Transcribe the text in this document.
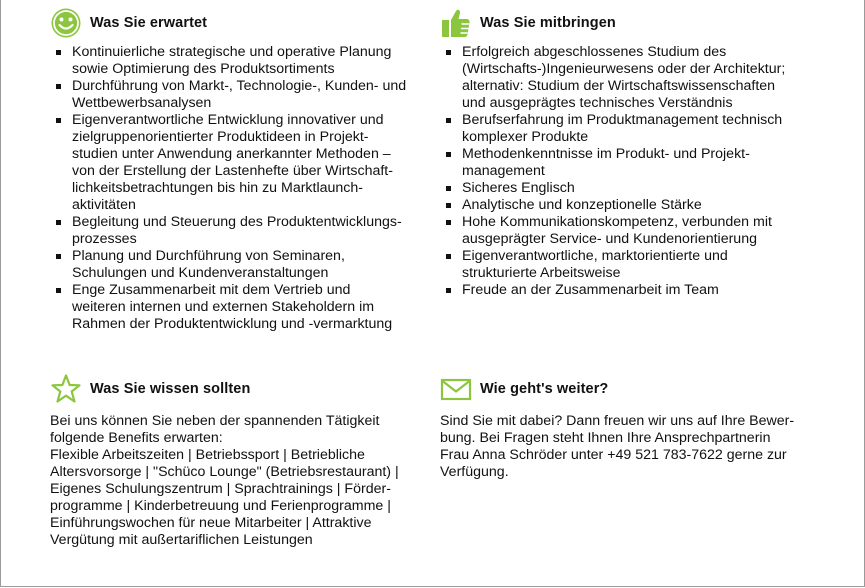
Was Sie erwartet
Kontinuierliche strategische und operative Planung
sowie Optimierung des Produktsortiments
Durchführung von Markt-, Technologie-, Kunden- und
Wettbewerbsanalysen
Eigenverantwortliche Entwicklung innovativer und
zielgruppenorientierter Produktideen in Projekt-
studien unter Anwendung anerkannter Methoden –
von der Erstellung der Lastenhefte über Wirtschaft-
lichkeitsbetrachtungen bis hin zu Marktlaunch-
aktivitäten
Begleitung und Steuerung des Produktentwicklungs-
prozesses
Planung und Durchführung von Seminaren,
Schulungen und Kundenveranstaltungen
Enge Zusammenarbeit mit dem Vertrieb und
weiteren internen und externen Stakeholdern im
Rahmen der Produktentwicklung und -vermarktung
Was Sie mitbringen
Erfolgreich abgeschlossenes Studium des
(Wirtschafts-)Ingenieurwesens oder der Architektur;
alternativ: Studium der Wirtschaftswissenschaften
und ausgeprägtes technisches Verständnis
Berufserfahrung im Produktmanagement technisch
komplexer Produkte
Methodenkenntnisse im Produkt- und Projekt-
management
Sicheres Englisch
Analytische und konzeptionelle Stärke
Hohe Kommunikationskompetenz, verbunden mit
ausgeprägter Service- und Kundenorientierung
Eigenverantwortliche, marktorientierte und
strukturierte Arbeitsweise
Freude an der Zusammenarbeit im Team
Was Sie wissen sollten

Bei uns können Sie neben der spannenden Tätigkeit
folgende Benefits erwarten:
Flexible Arbeitszeiten | Betriebssport | Betriebliche
Altersvorsorge | "Schüco Lounge" (Betriebsrestaurant) |
Eigenes Schulungszentrum | Sprachtrainings | Förder-
programme | Kinderbetreuung und Ferienprogramme |
Einführungswochen für neue Mitarbeiter | Attraktive
Vergütung mit außertariflichen Leistungen

Wie geht's weiter?

Sind Sie mit dabei? Dann freuen wir uns auf Ihre Bewer-
bung. Bei Fragen steht Ihnen Ihre Ansprechpartnerin
Frau Anna Schröder unter +49 521 783-7622 gerne zur
Verfügung.
